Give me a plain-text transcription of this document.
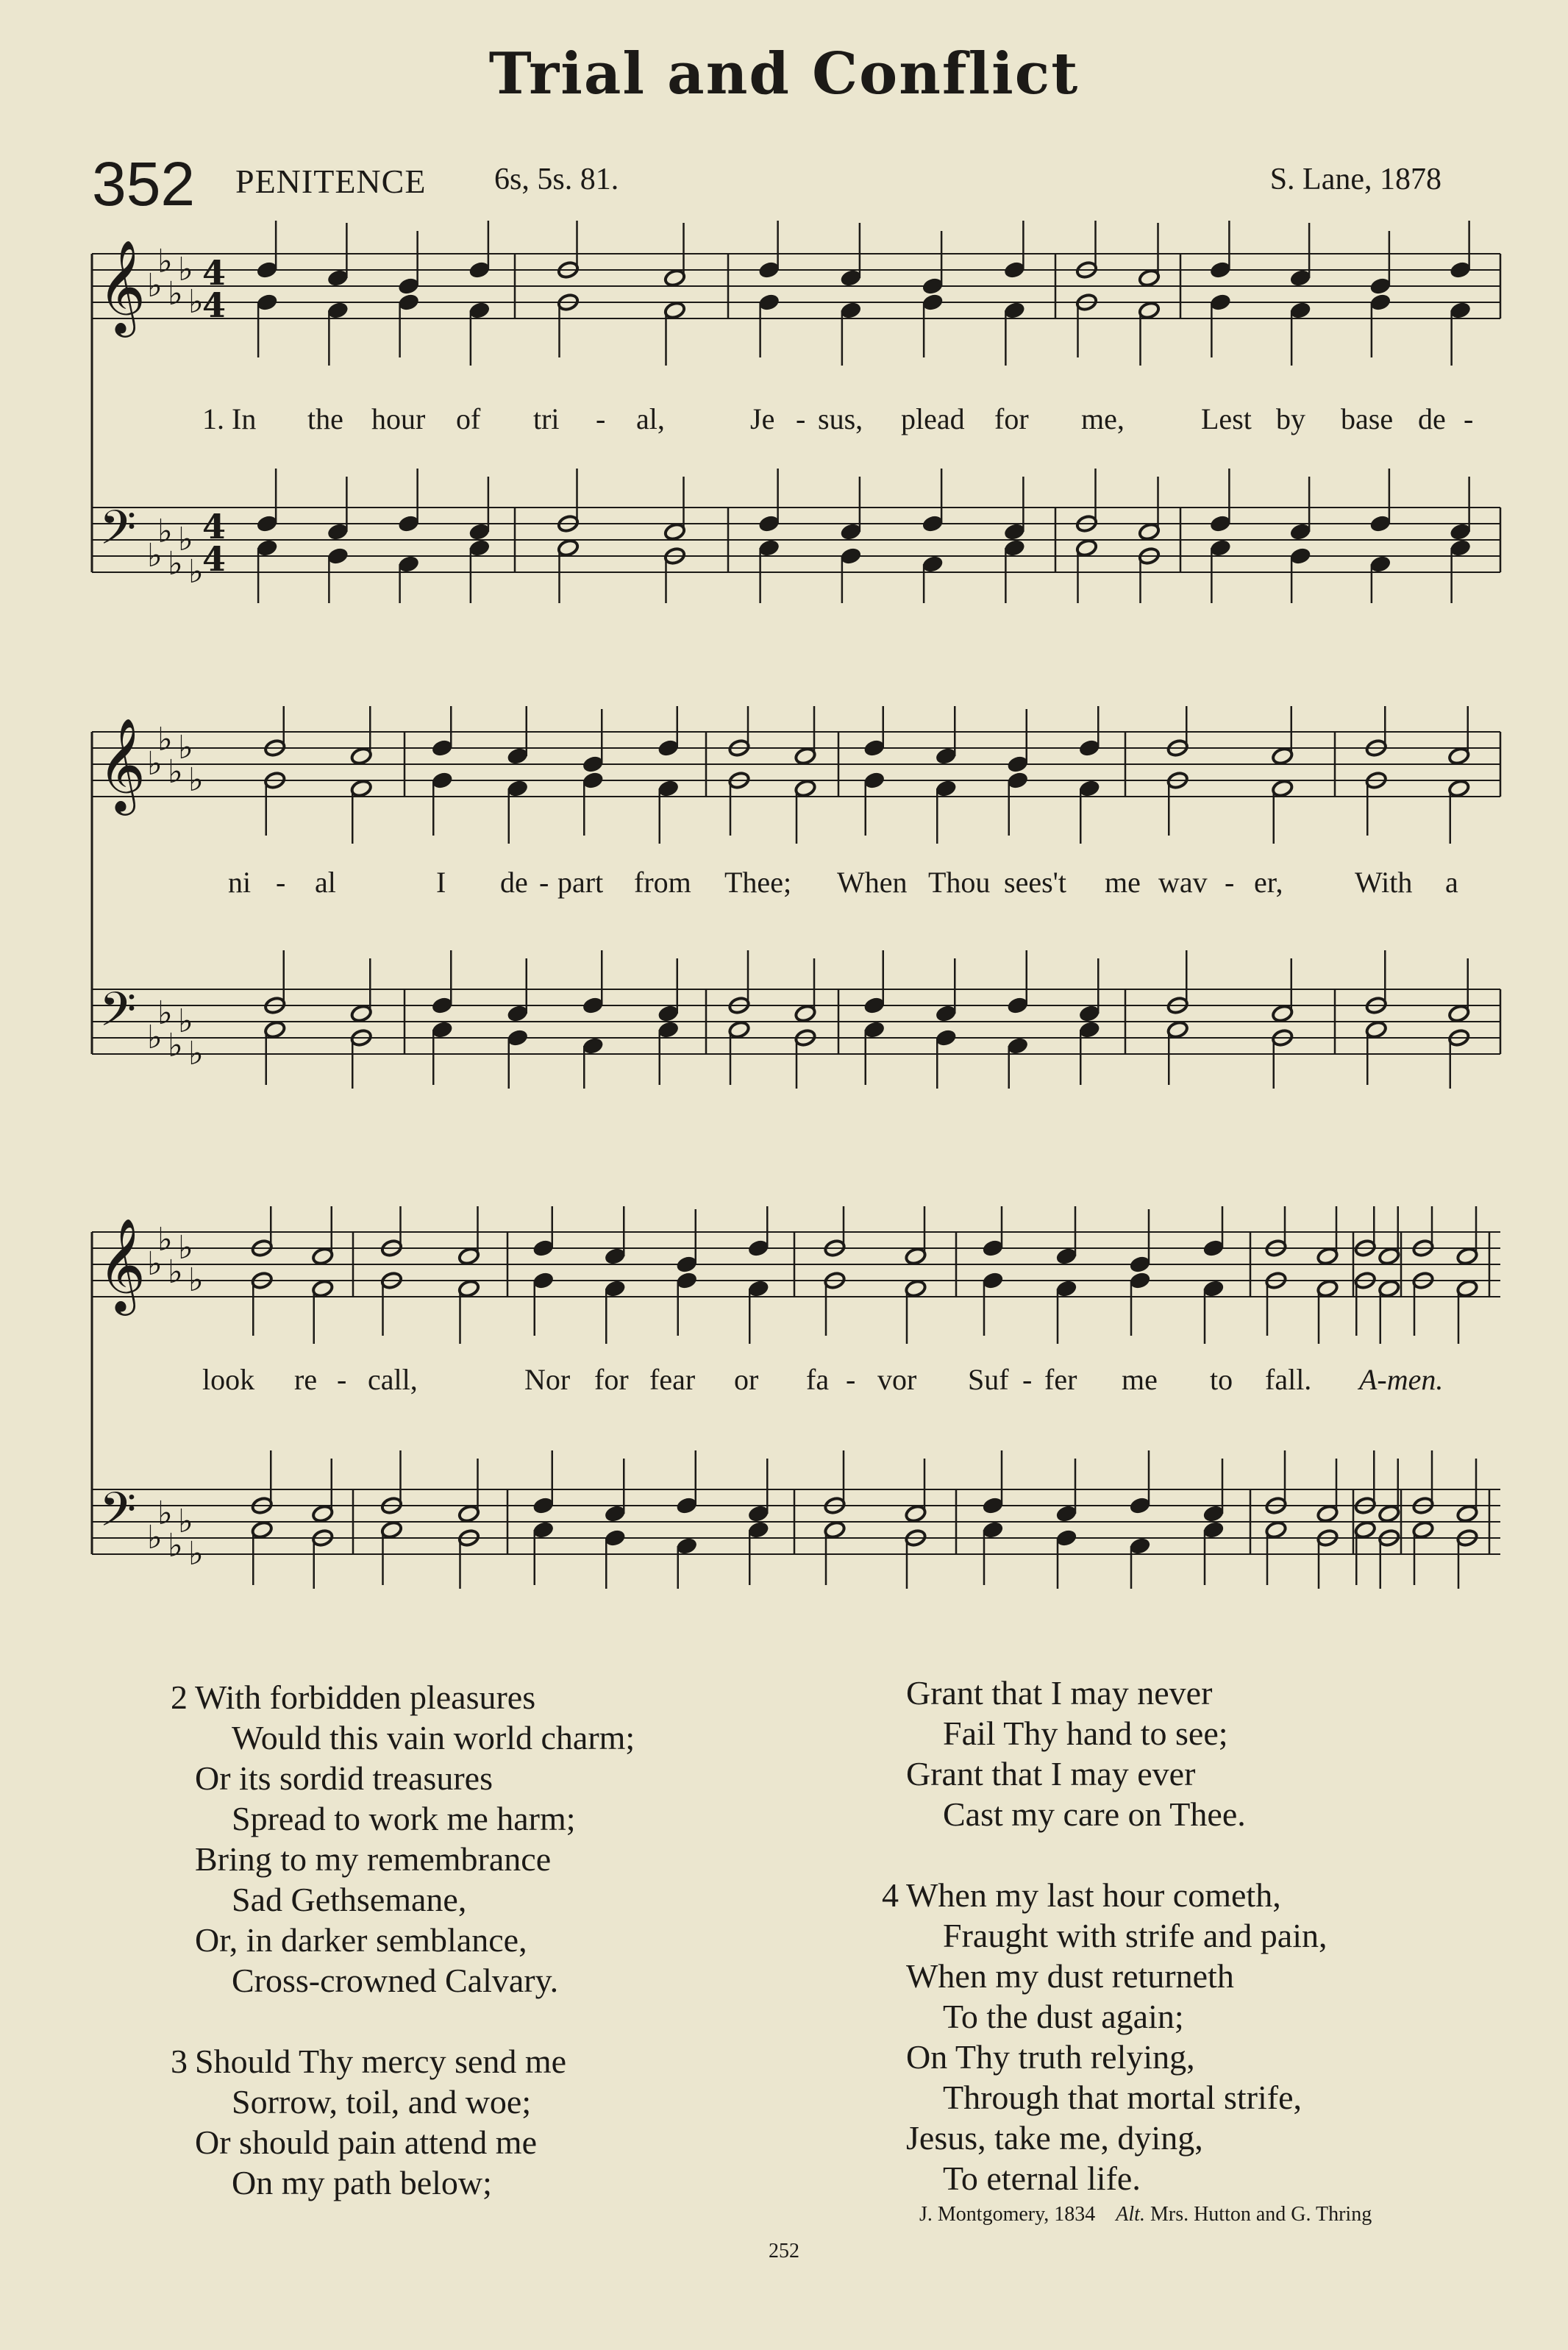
Trial and Conflict
352 PENITENCE 6s, 5s. 81.	S. Lane, 1878
𝄞
𝄢
♭
♭
♭
♭
♭
♭
♭
♭
♭
♭
4
4
4
4
𝄞
𝄢
♭
♭
♭
♭
♭
♭
♭
♭
♭
♭
𝄞
𝄢
♭
♭
♭
♭
♭
♭
♭
♭
♭
♭
1. In the hour of tri - al,	Je - sus, plead for me,	Lest by base de -
ni - al	I de - part from Thee; When Thou sees't me wav - er, With a
look re - call,	Nor for fear or fa - vor Suf - fer me to fall. A-men.
2 With forbidden pleasures
Would this vain world charm;
Or its sordid treasures
Spread to work me harm;
Bring to my remembrance
Sad Gethsemane,
Or, in darker semblance,
Cross-crowned Calvary.
3 Should Thy mercy send me
Sorrow, toil, and woe;
Or should pain attend me
On my path below;
Grant that I may never
Fail Thy hand to see;
Grant that I may ever
Cast my care on Thee.
4 When my last hour cometh,
Fraught with strife and pain,
When my dust returneth
To the dust again;
On Thy truth relying,
Through that mortal strife,
Jesus, take me, dying,
To eternal life.
J. Montgomery, 1834 Alt. Mrs. Hutton and G. Thring
252
